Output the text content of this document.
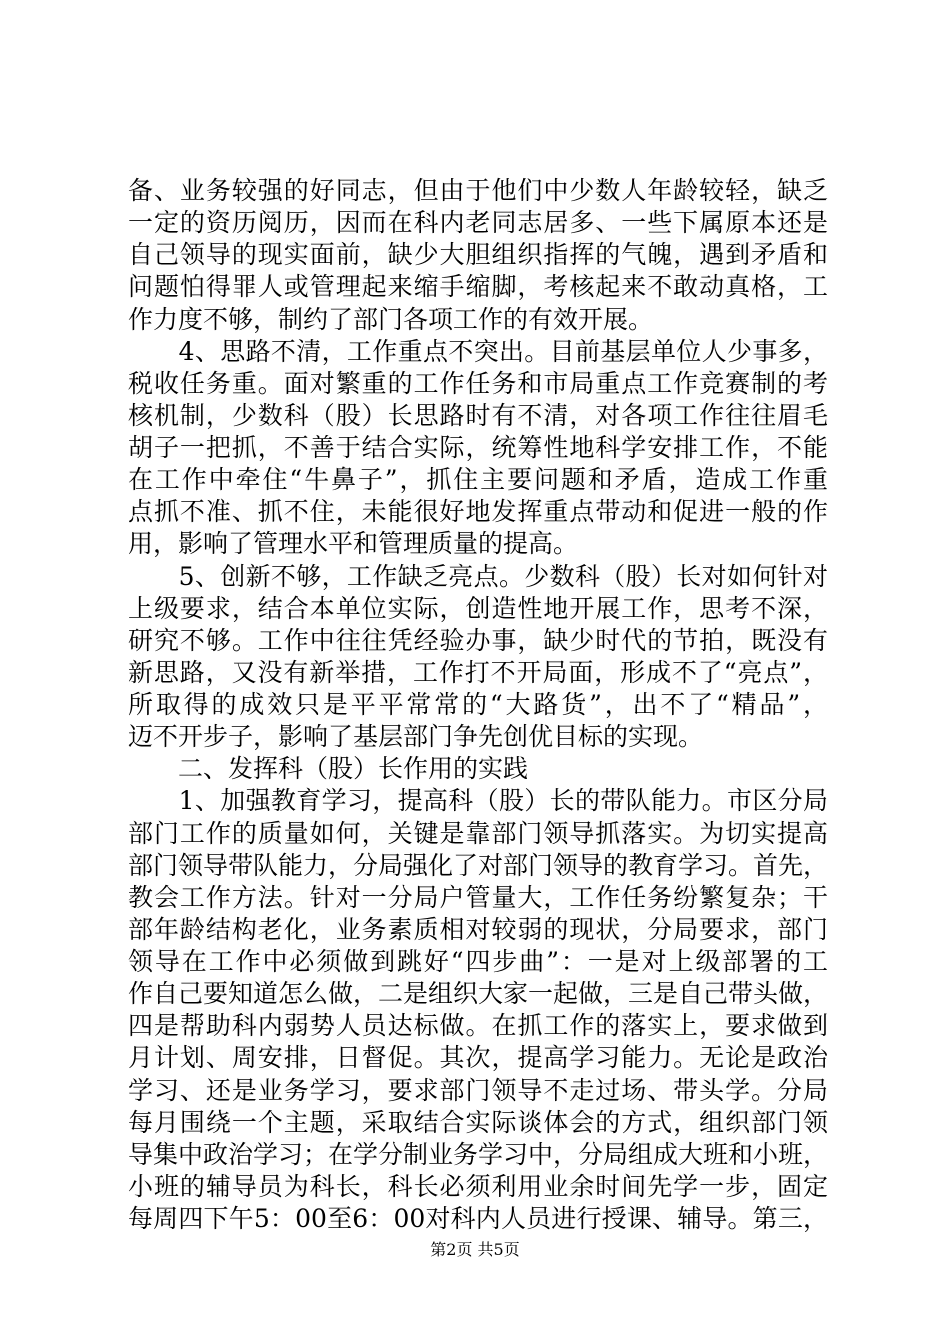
备、业务较强的好同志，但由于他们中少数人年龄较轻，缺乏
一定的资历阅历，因而在科内老同志居多、一些下属原本还是
自己领导的现实面前，缺少大胆组织指挥的气魄，遇到矛盾和
问题怕得罪人或管理起来缩手缩脚，考核起来不敢动真格，工
作力度不够，制约了部门各项工作的有效开展。
　　4、思路不清，工作重点不突出。目前基层单位人少事多，
税收任务重。面对繁重的工作任务和市局重点工作竞赛制的考
核机制，少数科（股）长思路时有不清，对各项工作往往眉毛
胡子一把抓，不善于结合实际，统筹性地科学安排工作，不能
在工作中牵住“牛鼻子”，抓住主要问题和矛盾，造成工作重
点抓不准、抓不住，未能很好地发挥重点带动和促进一般的作
用，影响了管理水平和管理质量的提高。
　　5、创新不够，工作缺乏亮点。少数科（股）长对如何针对
上级要求，结合本单位实际，创造性地开展工作，思考不深，
研究不够。工作中往往凭经验办事，缺少时代的节拍，既没有
新思路，又没有新举措，工作打不开局面，形成不了“亮点”，
所取得的成效只是平平常常的“大路货”，出不了“精品”，
迈不开步子，影响了基层部门争先创优目标的实现。
　　二、发挥科（股）长作用的实践
　　1、加强教育学习，提高科（股）长的带队能力。市区分局
部门工作的质量如何，关键是靠部门领导抓落实。为切实提高
部门领导带队能力，分局强化了对部门领导的教育学习。首先，
教会工作方法。针对一分局户管量大，工作任务纷繁复杂；干
部年龄结构老化，业务素质相对较弱的现状，分局要求，部门
领导在工作中必须做到跳好“四步曲”：一是对上级部署的工
作自己要知道怎么做，二是组织大家一起做，三是自己带头做，
四是帮助科内弱势人员达标做。在抓工作的落实上，要求做到
月计划、周安排，日督促。其次，提高学习能力。无论是政治
学习、还是业务学习，要求部门领导不走过场、带头学。分局
每月围绕一个主题，采取结合实际谈体会的方式，组织部门领
导集中政治学习；在学分制业务学习中，分局组成大班和小班，
小班的辅导员为科长，科长必须利用业余时间先学一步，固定
每周四下午5：00至6：00对科内人员进行授课、辅导。第三，
第2页 共5页
